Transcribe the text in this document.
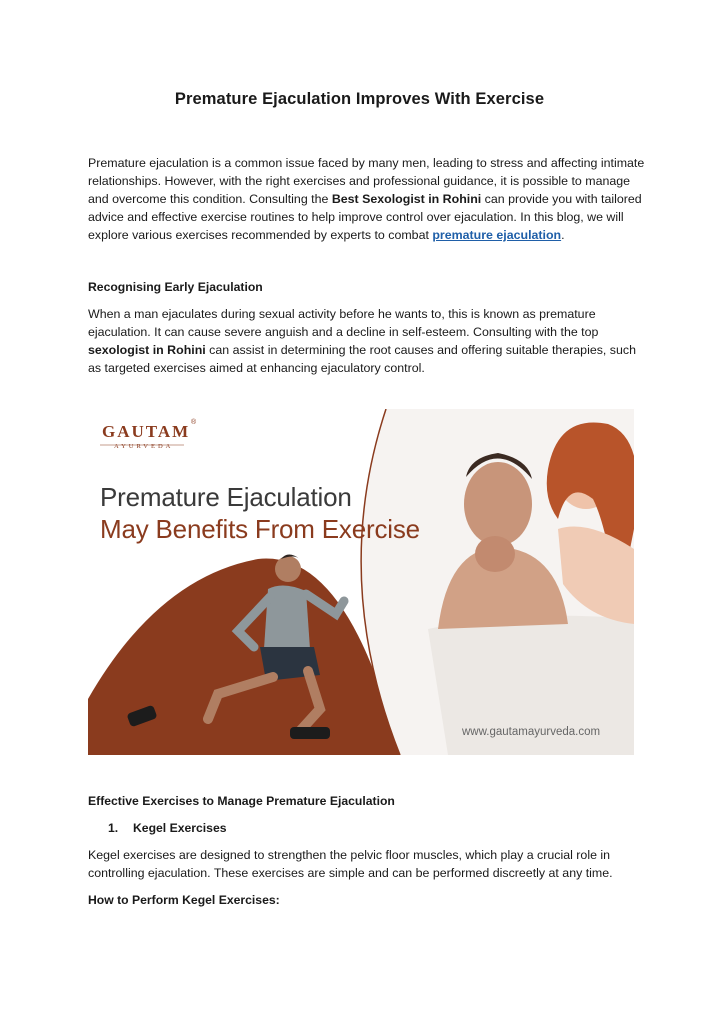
Premature Ejaculation Improves With Exercise

Premature ejaculation is a common issue faced by many men, leading to stress and affecting intimate relationships. However, with the right exercises and professional guidance, it is possible to manage and overcome this condition. Consulting the Best Sexologist in Rohini can provide you with tailored advice and effective exercise routines to help improve control over ejaculation. In this blog, we will explore various exercises recommended by experts to combat premature ejaculation.

Recognising Early Ejaculation

When a man ejaculates during sexual activity before he wants to, this is known as premature ejaculation. It can cause severe anguish and a decline in self-esteem. Consulting with the top sexologist in Rohini can assist in determining the root causes and offering suitable therapies, such as targeted exercises aimed at enhancing ejaculatory control.

GAUTAM ®
AYURVEDA
Premature Ejaculation
May Benefits From Exercise
www.gautamayurveda.com

Effective Exercises to Manage Premature Ejaculation

1. Kegel Exercises

Kegel exercises are designed to strengthen the pelvic floor muscles, which play a crucial role in controlling ejaculation. These exercises are simple and can be performed discreetly at any time.

How to Perform Kegel Exercises:
